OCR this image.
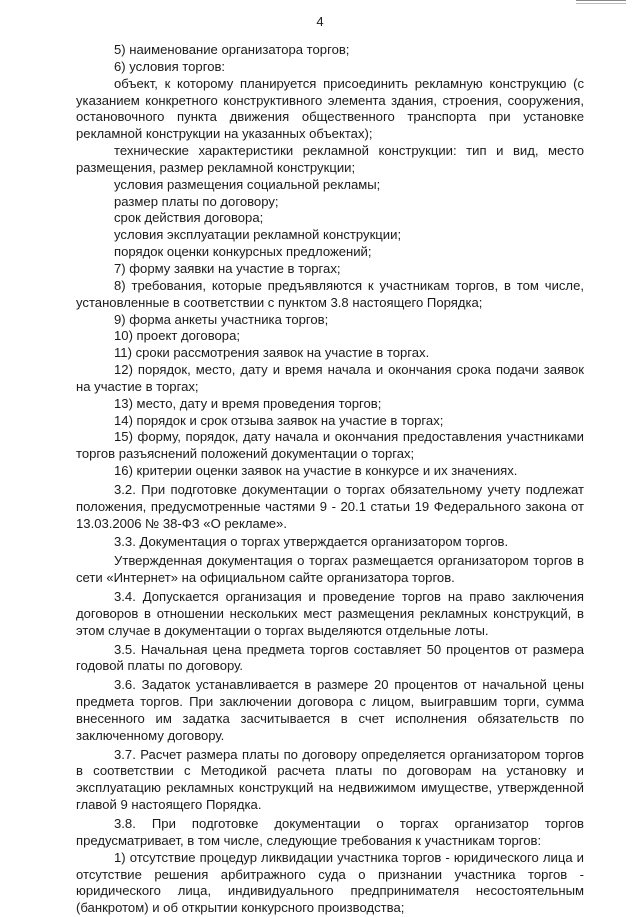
4

5) наименование организатора торгов;

6) условия торгов:

объект, к которому планируется присоединить рекламную конструкцию (с указанием конкретного конструктивного элемента здания, строения, сооружения, остановочного пункта движения общественного транспорта при установке рекламной конструкции на указанных объектах);

технические характеристики рекламной конструкции: тип и вид, место размещения, размер рекламной конструкции;

условия размещения социальной рекламы;

размер платы по договору;

срок действия договора;

условия эксплуатации рекламной конструкции;

порядок оценки конкурсных предложений;

7) форму заявки на участие в торгах;

8) требования, которые предъявляются к участникам торгов, в том числе, установленные в соответствии с пунктом 3.8 настоящего Порядка;

9) форма анкеты участника торгов;

10) проект договора;

11) сроки рассмотрения заявок на участие в торгах.

12) порядок, место, дату и время начала и окончания срока подачи заявок на участие в торгах;

13) место, дату и время проведения торгов;

14) порядок и срок отзыва заявок на участие в торгах;

15) форму, порядок, дату начала и окончания предоставления участниками торгов разъяснений положений документации о торгах;

16) критерии оценки заявок на участие в конкурсе и их значениях.

3.2. При подготовке документации о торгах обязательному учету подлежат положения, предусмотренные частями 9 - 20.1 статьи 19 Федерального закона от 13.03.2006 № 38-ФЗ «О рекламе».

3.3. Документация о торгах утверждается организатором торгов.

Утвержденная документация о торгах размещается организатором торгов в сети «Интернет» на официальном сайте организатора торгов.

3.4. Допускается организация и проведение торгов на право заключения договоров в отношении нескольких мест размещения рекламных конструкций, в этом случае в документации о торгах выделяются отдельные лоты.

3.5. Начальная цена предмета торгов составляет 50 процентов от размера годовой платы по договору.

3.6. Задаток устанавливается в размере 20 процентов от начальной цены предмета торгов. При заключении договора с лицом, выигравшим торги, сумма внесенного им задатка засчитывается в счет исполнения обязательств по заключенному договору.

3.7. Расчет размера платы по договору определяется организатором торгов в соответствии с Методикой расчета платы по договорам на установку и эксплуатацию рекламных конструкций на недвижимом имуществе, утвержденной главой 9 настоящего Порядка.

3.8. При подготовке документации о торгах организатор торгов предусматривает, в том числе, следующие требования к участникам торгов:

1) отсутствие процедур ликвидации участника торгов - юридического лица и отсутствие решения арбитражного суда о признании участника торгов - юридического лица, индивидуального предпринимателя несостоятельным (банкротом) и об открытии конкурсного производства;
